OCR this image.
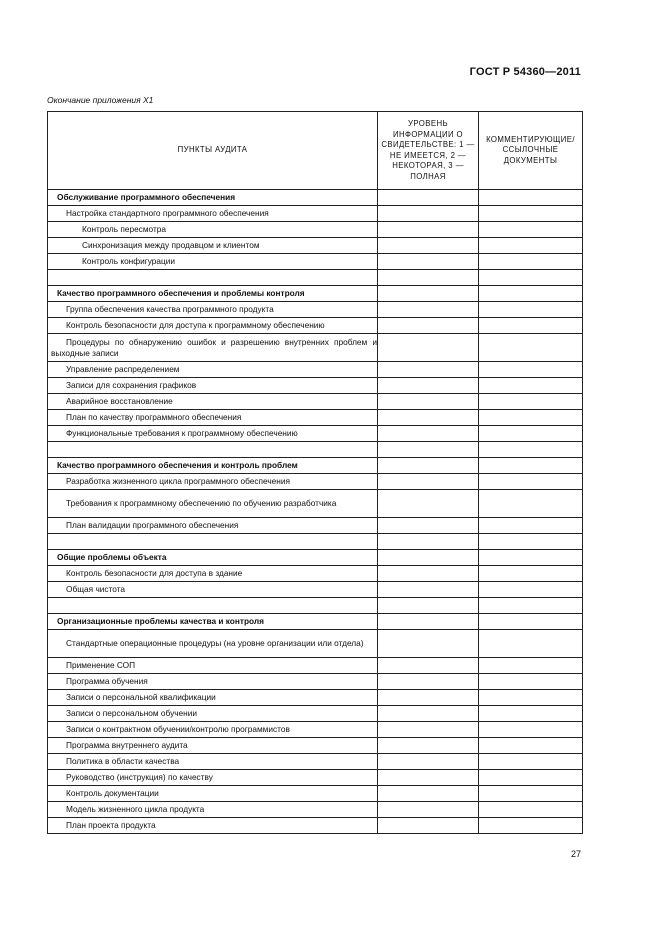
ГОСТ Р 54360—2011
Окончание приложения Х1
ПУНКТЫ АУДИТА	УРОВЕНЬ ИНФОРМАЦИИ О СВИДЕТЕЛЬСТВЕ: 1 — НЕ ИМЕЕТСЯ, 2 — НЕКОТОРАЯ, 3 — ПОЛНАЯ	КОММЕНТИРУЮЩИЕ/ ССЫЛОЧНЫЕ ДОКУМЕНТЫ
Обслуживание программного обеспечения		
Настройка стандартного программного обеспечения		
Контроль пересмотра		
Синхронизация между продавцом и клиентом		
Контроль конфигурации		

Качество программного обеспечения и проблемы контроля		
Группа обеспечения качества программного продукта		
Контроль безопасности для доступа к программному обеспечению		
Процедуры по обнаружению ошибок и разрешению внутренних проблем и выходные записи		
Управление распределением		
Записи для сохранения графиков		
Аварийное восстановление		
План по качеству программного обеспечения		
Функциональные требования к программному обеспечению		

Качество программного обеспечения и контроль проблем		
Разработка жизненного цикла программного обеспечения		
Требования к программному обеспечению по обучению разработчика		
План валидации программного обеспечения		

Общие проблемы объекта		
Контроль безопасности для доступа в здание		
Общая чистота		

Организационные проблемы качества и контроля		
Стандартные операционные процедуры (на уровне организации или отдела)		
Применение СОП		
Программа обучения		
Записи о персональной квалификации		
Записи о персональном обучении		
Записи о контрактном обучении/контролю программистов		
Программа внутреннего аудита		
Политика в области качества		
Руководство (инструкция) по качеству		
Контроль документации		
Модель жизненного цикла продукта		
План проекта продукта		
27
